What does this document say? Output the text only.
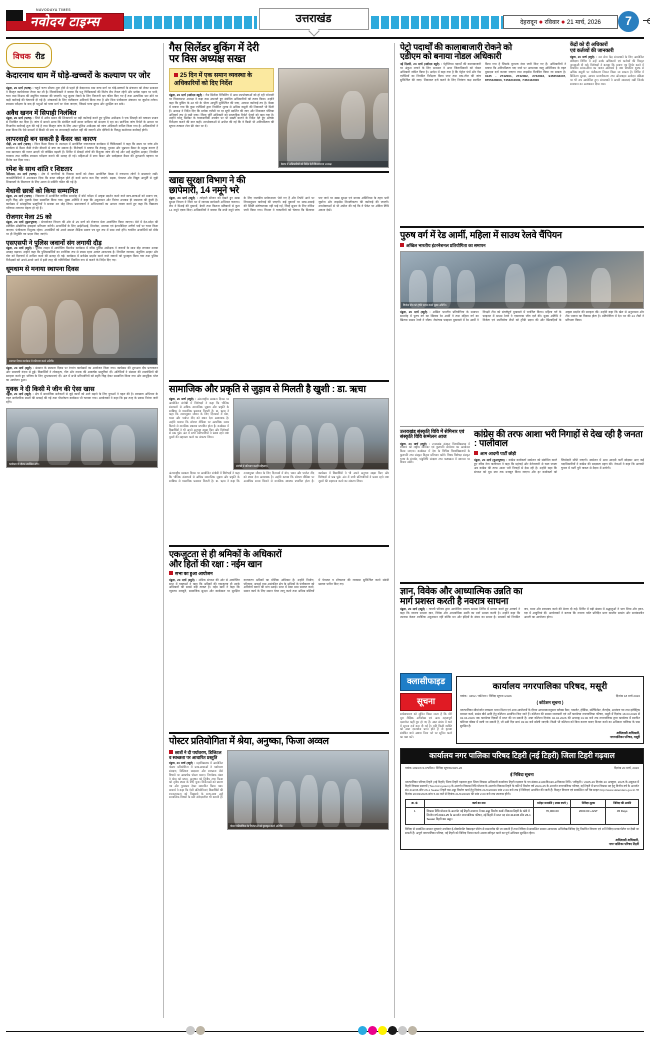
NAVODAYA TIMES
नवोदय टाइम्स	उत्तराखंड	देहरादून ● रविवार ● 21 मार्च, 2026	7
विचक रीड
केदारनाथ धाम में घोड़े-खच्चरों के कल्याण पर जोर

मंडुवा, 20 मार्च (भाषा) : चतुर्थ चरण सीजन शुरू होने से पहले ही केदारनाथ धाम यात्रा मार्ग पर घोड़े-खच्चरों के संचालन को लेकर प्रशासन ने विस्तृत कार्ययोजना तैयार कर ली है। जिलाधिकारी ने बताया कि पशु चिकित्सकों की विशेष टीम तैनात रहेगी और प्रत्येक पड़ाव पर पानी, चारा तथा विश्राम की समुचित व्यवस्था की जाएगी। पशु क्रूरता रोकने के लिए निगरानी दल गठित किए गए हैं तथा अत्यधिक भार ढोने पर कड़ी कार्रवाई की चेतावनी दी गई है। संचालकों के लिए पंजीकरण अनिवार्य किया गया है और बिना पंजीकरण संचालन पर जुर्माना लगेगा। स्वास्थ्य परीक्षण के बाद ही पशुओं को यात्रा मार्ग पर भेजा जाएगा, जिससे यात्रा सुगम और सुरक्षित बन सके।

अवैध खनन में सिपाही निलंबित

मंडुवा, 20 मार्च (भाषा) : जिले में अवैध खनन की शिकायतों पर बड़ी कार्रवाई करते हुए पुलिस अधीक्षक ने एक सिपाही को तत्काल प्रभाव से निलंबित कर दिया है। जांच में सामने आया कि संबंधित कर्मी खनन माफिया को संरक्षण दे रहा था। प्रारंभिक जांच रिपोर्ट के आधार पर विभागीय कार्रवाई शुरू की गई है तथा विस्तृत जांच के लिए अपर पुलिस अधीक्षक को जांच अधिकारी नामित किया गया है। अधिकारियों ने स्पष्ट किया कि ऐसे मामलों में किसी भी स्तर पर लापरवाही बर्दाश्त नहीं की जाएगी और दोषियों के विरुद्ध कठोरतम कार्रवाई होगी।

लापरवाही बन सकती है कैंसर का कारण

पौड़ी, 20 मार्च (भाषा) : विश्व कैंसर दिवस के उपलक्ष्य में आयोजित जागरूकता कार्यक्रम में चिकित्सकों ने कहा कि समय पर जांच और सतर्कता से कैंसर जैसी गंभीर बीमारी से बचा जा सकता है। विशेषज्ञों ने बताया कि तंबाकू, गुटखा और धूम्रपान कैंसर के प्रमुख कारण हैं तथा खानपान की गलत आदतें भी जोखिम बढ़ाती हैं। शिविर में सैकड़ों लोगों की निशुल्क जांच की गई और उन्हें संतुलित आहार, नियमित व्यायाम तथा वार्षिक स्वास्थ्य परीक्षण कराने की सलाह दी गई। महिलाओं में स्तन कैंसर और सर्वाइकल कैंसर की शुरुआती पहचान पर विशेष बल दिया गया।

रमेश के साथ शांति र शिष्टतार

नैनीताल, 20 मार्च (भाषा) : क्षेत्र में नागरिकों के विकास कार्यों को लेकर आयोजित बैठक में गणमान्य लोगों ने समस्याएं रखीं। जनप्रतिनिधियों ने आश्वासन दिया कि बजट स्वीकृत होते ही कार्य प्रारंभ करा दिए जाएंगे। सड़क, पेयजल और विद्युत आपूर्ति से जुड़ी शिकायतों के निस्तारण के लिए अलग से समिति गठित की गई है।

मेधावी छात्रों को किया सम्मानित

मंडुवा, 20 मार्च (भाषा) : विद्यालय में आयोजित वार्षिक समारोह में बोर्ड परीक्षा में उत्कृष्ट प्रदर्शन करने वाले छात्र-छात्राओं को प्रमाण पत्र, स्मृति चिह्न और पुस्तकें देकर सम्मानित किया गया। मुख्य अतिथि ने कहा कि अनुशासन और निरंतर अभ्यास ही सफलता की कुंजी है। कार्यक्रम में सांस्कृतिक प्रस्तुतियों ने सबका मन मोह लिया। प्रधानाचार्य ने अभिभावकों का आभार व्यक्त करते हुए कहा कि विद्यालय परिणाम लगातार बेहतर हो रहे हैं।

रोजगार मेला 25 को

मंडुवा, 20 मार्च (कुलभूषण) : सेवायोजन विभाग की ओर से 25 मार्च को रोजगार मेला आयोजित किया जाएगा। मेले में देश-प्रदेश की प्रतिष्ठित औद्योगिक इकाइयां प्रतिभाग करेंगी। अभ्यर्थियों के लिए आईटीआई, डिप्लोमा, स्नातक एवं इंटरमीडिएट उत्तीर्ण पदों पर चयन किया जाएगा। पंजीकरण निशुल्क रहेगा। अभ्यर्थियों को अपने समस्त शैक्षिक प्रमाण पत्र मूल रूप में साथ लाने होंगे। चयनित अभ्यर्थियों को मौके पर ही नियुक्ति पत्र प्रदान किए जाएंगे।

एसएसपी ने पुलिस जवानों संग लगायी दौड़

मंडुवा, 20 मार्च (ब्यूरो) : पुलिस लाइन में आयोजित फिटनेस कार्यक्रम में वरिष्ठ पुलिस अधीक्षक ने जवानों के साथ दौड़ लगाकर उनका उत्साह बढ़ाया। उन्होंने कहा कि पुलिसकर्मियों का शारीरिक रूप से स्वस्थ रहना अत्यंत आवश्यक है। नियमित व्यायाम, संतुलित आहार और योग को दिनचर्या में शामिल करने की सलाह दी गई। कार्यक्रम में सर्वश्रेष्ठ प्रदर्शन करने वाले जवानों को पुरस्कृत किया गया तथा पुलिस निरीक्षकों को अपने-अपने थाने में इसी तरह की गतिविधियां नियमित रूप से कराने के निर्देश दिए गए।

धूमधाम से मनाया स्थापना दिवस
स्थापना दिवस कार्यक्रम में प्रतिभाग करते अतिथि।

मंडुवा, 20 मार्च (ब्यूरो) : संस्थान के स्थापना दिवस पर रंगारंग कार्यक्रमों का आयोजन किया गया। कार्यक्रम की शुरुआत दीप प्रज्ज्वलन और सरस्वती वंदना से हुई। विद्यार्थियों ने लोकनृत्य, गीत और नाटक की आकर्षक प्रस्तुतियां दीं। अतिथियों ने संस्थान की उपलब्धियों की सराहना करते हुए भविष्य के लिए शुभकामनाएं दीं। अंत में सभी प्रतिभागियों को स्मृति चिह्न देकर सम्मानित किया गया और सामूहिक भोज का आयोजन हुआ।

युवक ने दी किसी मे जीन की ऐसा खास

मंडुवा, 20 मार्च (ब्यूरो) : क्षेत्र में सामाजिक सरोकारों से जुड़े कार्यों को आगे बढ़ाने के लिए युवाओं ने पहल की है। स्वच्छता अभियान के तहत सार्वजनिक स्थलों की सफाई की गई तथा पौधरोपण कार्यक्रम भी चलाया गया। आयोजकों ने कहा कि इस तरह के प्रयास निरंतर जारी रहेंगे।

कार्यक्रम के दौरान उपस्थित लोग।
गैस सिलेंडर बुकिंग में देरी
पर विस अध्यक्ष सख्त
25 दिन में एक समान व्यवस्था के अधिकारियों को दिए निर्देश

मंडुवा, 20 मार्च (नवोदय ब्यूरो) : गैस सिलेंडर रिफिलिंग में आम उपभोक्ताओं को हो रही परेशानी पर विधानसभा अध्यक्ष ने कड़ा रुख अपनाते हुए संबंधित अधिकारियों को तलब किया। उन्होंने कहा कि बुकिंग के 48 घंटे के भीतर आपूर्ति सुनिश्चित की जाए, अन्यथा कार्रवाई तय है। बैठक में बताया गया कि कुछ एजेंसियों द्वारा निर्धारित शुल्क से अधिक वसूली की शिकायतें भी मिली हैं। अध्यक्ष ने निर्देश दिए कि प्रत्येक एजेंसी पर दर सूची प्रदर्शित की जाए और शिकायत पंजिका अनिवार्य रूप से रखी जाए। जिला पूर्ति अधिकारी को साप्ताहिक रिपोर्ट भेजने को कहा गया है। उन्होंने घरेलू सिलेंडर के व्यावसायिक उपयोग पर भी सख्ती बरतने के निर्देश देते हुए औचक निरीक्षण कराने की बात कही। उपभोक्ताओं से अपील की गई कि वे किसी भी अनियमितता की सूचना तत्काल टोल फ्री नंबर पर दें।

बैठक में अधिकारियों को निर्देश देतीं विधानसभा अध्यक्ष।
खाद्य सुरक्षा विभाग ने की
छापेमारी, 14 नमूने भरे

मंडुवा, 20 मार्च (ब्यूरो) : त्योहारी सीजन को देखते हुए खाद्य सुरक्षा विभाग ने जिले भर में व्यापक छापेमारी अभियान चलाया। टीम ने मिठाई की दुकानों, डेयरी तथा किराना प्रतिष्ठानों से कुल 14 नमूने एकत्र किए। अधिकारियों ने बताया कि सभी नमूने जांच के लिए राजकीय प्रयोगशाला भेजे गए हैं और रिपोर्ट आने पर नियमानुसार कार्रवाई की जाएगी। कई दुकानों पर साफ-सफाई की स्थिति संतोषजनक नहीं पाई गई, जिन्हें सुधार के लिए नोटिस जारी किया गया। विभाग ने व्यापारियों को चेताया कि मिलावट पाए जाने पर खाद्य सुरक्षा एवं मानक अधिनियम के तहत भारी जुर्माना और लाइसेंस निरस्तीकरण की कार्रवाई की जाएगी। उपभोक्ताओं से भी अपील की गई कि वे पैकेट पर अंकित तिथि अवश्य देखें।

सामाजिक और प्रकृति से जुड़ाव से मिलती है खुशी : डा. ऋचा

मंडुवा, 20 मार्च (ब्यूरो) : अंतरराष्ट्रीय प्रसन्नता दिवस पर आयोजित संगोष्ठी में विशेषज्ञों ने कहा कि भौतिक संसाधनों से अधिक सामाजिक जुड़ाव और प्रकृति के सान्निध्य से वास्तविक प्रसन्नता मिलती है। डा. ऋचा ने कहा कि तनावमुक्त जीवन के लिए दिनचर्या में योग, ध्यान और पर्याप्त नींद को स्थान देना आवश्यक है। उन्होंने बताया कि सोशल मीडिया पर अत्यधिक समय बिताने से मानसिक स्वास्थ्य प्रभावित होता है। कार्यक्रम में विद्यार्थियों ने भी अपने अनुभव साझा किए और विशेषज्ञों से प्रश्न पूछे। अंत में सभी प्रतिभागियों ने प्रसन्न रहने तथा दूसरों की सहायता करने का संकल्प लिया।

संगोष्ठी में प्रतिभाग करतीं महिलाएं।

अंतरराष्ट्रीय प्रसन्नता दिवस पर आयोजित संगोष्ठी में विशेषज्ञों ने कहा कि भौतिक संसाधनों से अधिक सामाजिक जुड़ाव और प्रकृति के सान्निध्य से वास्तविक प्रसन्नता मिलती है। डा. ऋचा ने कहा कि तनावमुक्त जीवन के लिए दिनचर्या में योग, ध्यान और पर्याप्त नींद को स्थान देना आवश्यक है। उन्होंने बताया कि सोशल मीडिया पर अत्यधिक समय बिताने से मानसिक स्वास्थ्य प्रभावित होता है। कार्यक्रम में विद्यार्थियों ने भी अपने अनुभव साझा किए और विशेषज्ञों से प्रश्न पूछे। अंत में सभी प्रतिभागियों ने प्रसन्न रहने तथा दूसरों की सहायता करने का संकल्प लिया।

एकजुटता से ही श्रमिकों के अधिकारों
और हितों की रक्षा : नईम खान
सभा का हुआ आयोजन

मंडुवा, 20 मार्च (ब्यूरो) : श्रमिक संगठन की ओर से आयोजित सभा में वक्ताओं ने कहा कि श्रमिकों की एकजुटता ही उनके अधिकारों की सबसे बड़ी ताकत है। नईम खान ने कहा कि न्यूनतम मजदूरी, सामाजिक सुरक्षा और कार्यस्थल पर सुरक्षित वातावरण श्रमिकों का मौलिक अधिकार है। उन्होंने निर्माण, परिवहन, सफाई तथा असंगठित क्षेत्र के श्रमिकों के पंजीकरण को अनिवार्य बनाने की मांग उठाई। सभा में ठेका प्रथा समाप्त करने, समान कार्य के लिए समान वेतन लागू करने तथा श्रमिक बस्तियों में पेयजल व शौचालय की व्यवस्था सुनिश्चित करने संबंधी प्रस्ताव पारित किए गए।

पोस्टर प्रतियोगिता में श्रेया, अनुष्का, फिजा अव्वल
छात्रों ने दी पर्यावरण, डिजिटल व स्वच्छता पर आधारित प्रस्तुति

मंडुवा, 20 मार्च (ब्यूरो) : महाविद्यालय में आयोजित पोस्टर प्रतियोगिता में छात्र-छात्राओं ने पर्यावरण संरक्षण, डिजिटल साक्षरता और स्वच्छता जैसे विषयों पर आकर्षक पोस्टर बनाए। निर्णायक मंडल ने श्रेया को प्रथम, अनुष्का को द्वितीय तथा फिजा को तृतीय स्थान के लिए चुना। विजेताओं को प्रमाण पत्र और पुरस्कार देकर सम्मानित किया गया। प्राचार्य ने कहा कि ऐसी प्रतियोगिताएं विद्यार्थियों की रचनात्मकता को निखारने के साथ-साथ उन्हें सामाजिक विषयों के प्रति संवेदनशील भी बनाती हैं।

पोस्टर प्रतियोगिता के विजेताओं को पुरस्कृत करते अतिथि।
पेट्रो पदार्थों की कालाबाजारी रोकने को
एडीएम को बनाया नोडल अधिकारी

नई दिल्ली, 20 मार्च (नवोदय ब्यूरो) : पेट्रोलियम पदार्थों की कालाबाजारी पर अंकुश लगाने के लिए प्रशासन ने अपर जिलाधिकारी को नोडल अधिकारी नामित किया है। आदेश में कहा गया है कि पेट्रोल पंपों और गैस एजेंसियों का नियमित निरीक्षण किया जाए तथा माप-तौल की जांच सुनिश्चित की जाए। शिकायत दर्ज कराने के लिए नियंत्रण कक्ष स्थापित किया गया है जिसके दूरभाष नंबर जारी किए गए हैं। अधिकारियों ने बताया कि अनियमितता पाए जाने पर आवश्यक वस्तु अधिनियम के तहत मुकदमा दर्ज कराया जाएगा तथा लाइसेंस निलंबित किया जा सकता है। 0135 - 2742001, 2742002, 2742003, 9456533337, 8755428000, 7453210000, 7453442000

केंद्रों को दी अधिकारों
एवं कर्तव्यों की जानकारी

मंडुवा, 20 मार्च (ब्यूरो) : जन सेवा केंद्र संचालकों के लिए आयोजित प्रशिक्षण शिविर में उन्हें उनके अधिकारों एवं कर्तव्यों की विस्तृत जानकारी दी गई। विशेषज्ञों ने बताया कि प्रमाण पत्र निर्गत करने में निर्धारित समय-सीमा का पालन अनिवार्य है तथा निर्धारित शुल्क से अधिक वसूली पर पंजीकरण निरस्त किया जा सकता है। शिविर में डिजिटल सुरक्षा, आधार प्रमाणीकरण तथा ऑनलाइन आवेदन प्रक्रिया पर भी सत्र आयोजित हुए। संचालकों ने अपनी समस्याएं रखीं जिनके समाधान का आश्वासन दिया गया।

पुरुष वर्ग में रेड आर्मी, महिला में साउथ रेलवे चैंपियन
अखिल भारतीय इंटरनेशनल प्रतियोगिता का समापन
विजेता टीम को ट्रॉफी प्रदान करते मुख्य अतिथि।

मंडुवा, 20 मार्च (ब्यूरो) : अखिल भारतीय प्रतियोगिता के समापन समारोह में पुरुष वर्ग का खिताब रेड आर्मी ने तथा महिला वर्ग का खिताब साउथ रेलवे ने जीता। रोमांचक फाइनल मुकाबले में रेड आर्मी ने विपक्षी टीम को संघर्षपूर्ण मुकाबले में पराजित किया। महिला वर्ग के फाइनल में साउथ रेलवे ने एकतरफा जीत दर्ज की। मुख्य अतिथि ने विजेता एवं उपविजेता टीमों को ट्रॉफी प्रदान की और खिलाड़ियों के उत्कृष्ट प्रदर्शन की सराहना की। उन्होंने कहा कि खेल से अनुशासन और टीम भावना का विकास होता है। प्रतियोगिता में देश भर की 24 टीमों ने प्रतिभाग किया।

उत्तराखंड संस्कृति विवि में सेमिनार एवं संस्कृति विवि सम्मेलन आज

मंडुवा, 20 मार्च (ब्यूरो) : उत्तराखंड संस्कृत विश्वविद्यालय में रविवार को राष्ट्रीय सेमिनार एवं कुलपति सम्मेलन का आयोजन किया जाएगा। कार्यक्रम में देश के विभिन्न विश्वविद्यालयों के कुलपति तथा संस्कृत विद्वान प्रतिभाग करेंगे। विषय विशेषज्ञ संस्कृत भाषा के संवर्धन, पांडुलिपि संरक्षण तथा पाठ्यक्रम में नवाचार पर विचार रखेंगे।

कांग्रेस की तरफ आशा भरी निगाहों से देख रही है जनता : पालीवाल
आम आदमी पार्टी छोड़ी

मंडुवा, 20 मार्च (कुलभूषण) : कांग्रेस कार्यकर्ता सम्मेलन को संबोधित करते हुए वरिष्ठ नेता पालीवाल ने कहा कि महंगाई और बेरोजगारी से त्रस्त जनता अब कांग्रेस की तरफ आशा भरी निगाहों से देख रही है। उन्होंने कहा कि संगठन को बूथ स्तर तक मजबूत किया जाएगा और हर कार्यकर्ता को जिम्मेदारी सौंपी जाएगी। सम्मेलन में आम आदमी पार्टी छोड़कर आए कई पदाधिकारियों ने कांग्रेस की सदस्यता ग्रहण की। नेताओं ने कहा कि आगामी चुनाव में पार्टी पूरी ताकत से मैदान में उतरेगी।

ज्ञान, विवेक और आध्यात्मिक उन्नति का
मार्ग प्रशस्त करती है नवरात्र साधना

मंडुवा, 20 मार्च (ब्यूरो) : गायत्री परिवार द्वारा आयोजित नवरात्र साधना शिविर में प्रवचन करते हुए आचार्य ने कहा कि नवरात्र साधना ज्ञान, विवेक और आध्यात्मिक उन्नति का मार्ग प्रशस्त करती है। उन्होंने कहा कि उपवास केवल शारीरिक अनुशासन नहीं बल्कि मन और इंद्रियों के संयम का साधन है। साधकों को नियमित जप, ध्यान और स्वाध्याय करने की प्रेरणा दी गई। शिविर में बड़ी संख्या में श्रद्धालुओं ने भाग लिया और हवन-यज्ञ में आहुतियां दीं। आयोजकों ने बताया कि नवरात्र पर्यंत प्रतिदिन प्रातः कालीन सत्संग और सायंकालीन आरती का आयोजन होगा।

क्लासीफाइड
सूचना

सर्वसाधारण को सूचित किया जाता है कि मेरी मूल शैक्षिक अभिलेख एवं अन्य महत्वपूर्ण दस्तावेज कहीं गुम हो गए हैं। उक्त संबंध में थाने में सूचना दर्ज करा दी गई है। यदि किसी व्यक्ति को उक्त दस्तावेज प्राप्त होते हैं तो कृपया संबंधित थाने अथवा निम्न पते पर सूचित करने का कष्ट करें।

कार्यालय नगरपालिका परिषद, मसूरी
पत्रांक : 3452 / कोटेशन / निविदा सूचना /2026	दिनांक 18 मार्च 2026
( कोटेशन सूचना )
नगरपालिका सीमांतर्गत स्वच्छता भारत मिशन एवं अन्य आयोजनों के दौरान आवश्यकतानुसार फ्लेक्स बैनर, पम्पलेट, होर्डिंग्स, सर्टिफिकेट, लेटरहेड, आमंत्रण पत्र तथा इलेक्ट्रिक मरम्मत कार्य, साउंड बोर्ड आदि हेतु कोटेशन आमंत्रित किए जाते हैं। कोटेशन की समस्त जानकारी एवं शर्तें कार्यालय नगरपालिका परिषद, मसूरी में दिनांक 18.03.2026 से 02.04.2026 तक कार्यालय दिवसों में प्राप्त की जा सकती है। उक्त कोटेशन दिनांक 02.04.2026 की अपराह्न 01:00 बजे तक नगरपालिका द्वारा कार्यालय में स्थापित कोटेशन बॉक्स में डाली जा सकती है, जो उसी दिन सायं 03:00 बजे खोली जाएगी। किसी भी कोटेशन को बिना कारण बताए निरस्त करने का अधिकार पालिका के पास सुरक्षित है।
अधिशासी अधिकारी,
नगरपालिका परिषद, मसूरी
कार्यालय नगर पालिका परिषद टिहरी (नई टिहरी) जिला टिहरी गढ़वाल
पत्रांक 1993/न-प-ट/पठिन./ निविदा सूचना/2025-26	दिनांक 20 मार्च, 2026
ई निविदा सूचना
नगरपालिका परिषद टिहरी (नई टिहरी) जिला टिहरी गढ़वाल द्वारा जिला विकास अधिकारी कार्यालय टिहरी गढ़वाल के पत्र संख्या-2136/वि0अ0-2/विकास निधि / स्वीकृति / 2025-26 दिनांक 20 अक्टूबर, 2025 के अनुक्रम में टिहरी विकास प्रस्तावों (Two bid system) के अन्तर्गत विकास निधि योजना के अन्तर्गत विकास टिहरी के कोटे में निर्माण वर्ष 2024-25 के अन्तर्गत नगरपालिका परिषद, नई टिहरी में प्राप्त विकास मद हेतु वित्तीय वर्ष के अन्तर्गत सं0 412/36 सीट 26-1 Seater टिहरी बस अड्डा निर्माण कार्य हेतु दिनांक 21/04/2026 सांय 2.00 बजे तक ई निविदाएं आमंत्रित की जाती हैं। विस्तृत विवरण एवं सम्बन्धित शर्तें वेब साइट http://www.uktenders.gov.in पर दिनांक 20/03/2026 सांय 5.00 बजे से दिनांक 21/04/2026 की सांय 2.00 बजे तक उपलब्ध होंगी।
क्र. सं.	कार्य का नाम	धरोहर धनराशि ( लाख रुपये )	निविदा शुल्क	निविदा की अवधि
1	विकास निधि योजना के अन्तर्गत नई टिहरी उपनगर में बस अड्डा निर्माण कार्य। विकास टिहरी के कोटे में निर्माण वर्ष 2024-25 के अन्तर्गत नगरपालिका परिषद, नई टिहरी में प्राप्त मद सं0 412/36 सीट 26-1 Seater टिहरी बस अड्डा।	70,000.00	2000.00 +GST	45 Days
निविदा से सम्बन्धित समस्त सूचनाएं उपरोक्त ई-प्रोक्योरमेंट वेबसाइट पोर्टल से डाउनलोड की जा सकती हैं तथा निविदा से सम्बन्धित समस्त आवश्यक अभिलेख/निविदा हेतु निर्धारित विवरण एवं शर्तें निविदा प्रपत्र/पोर्टल पर देखी जा सकती हैं। अपूर्ण नगरपालिका परिषद, नई टिहरी को निविदा निरस्त करने अथवा स्वीकृत करने का पूर्ण अधिकार सुरक्षित रहेगा।
अधिशासी अधिकारी,
नगर पालिका परिषद टिहरी
